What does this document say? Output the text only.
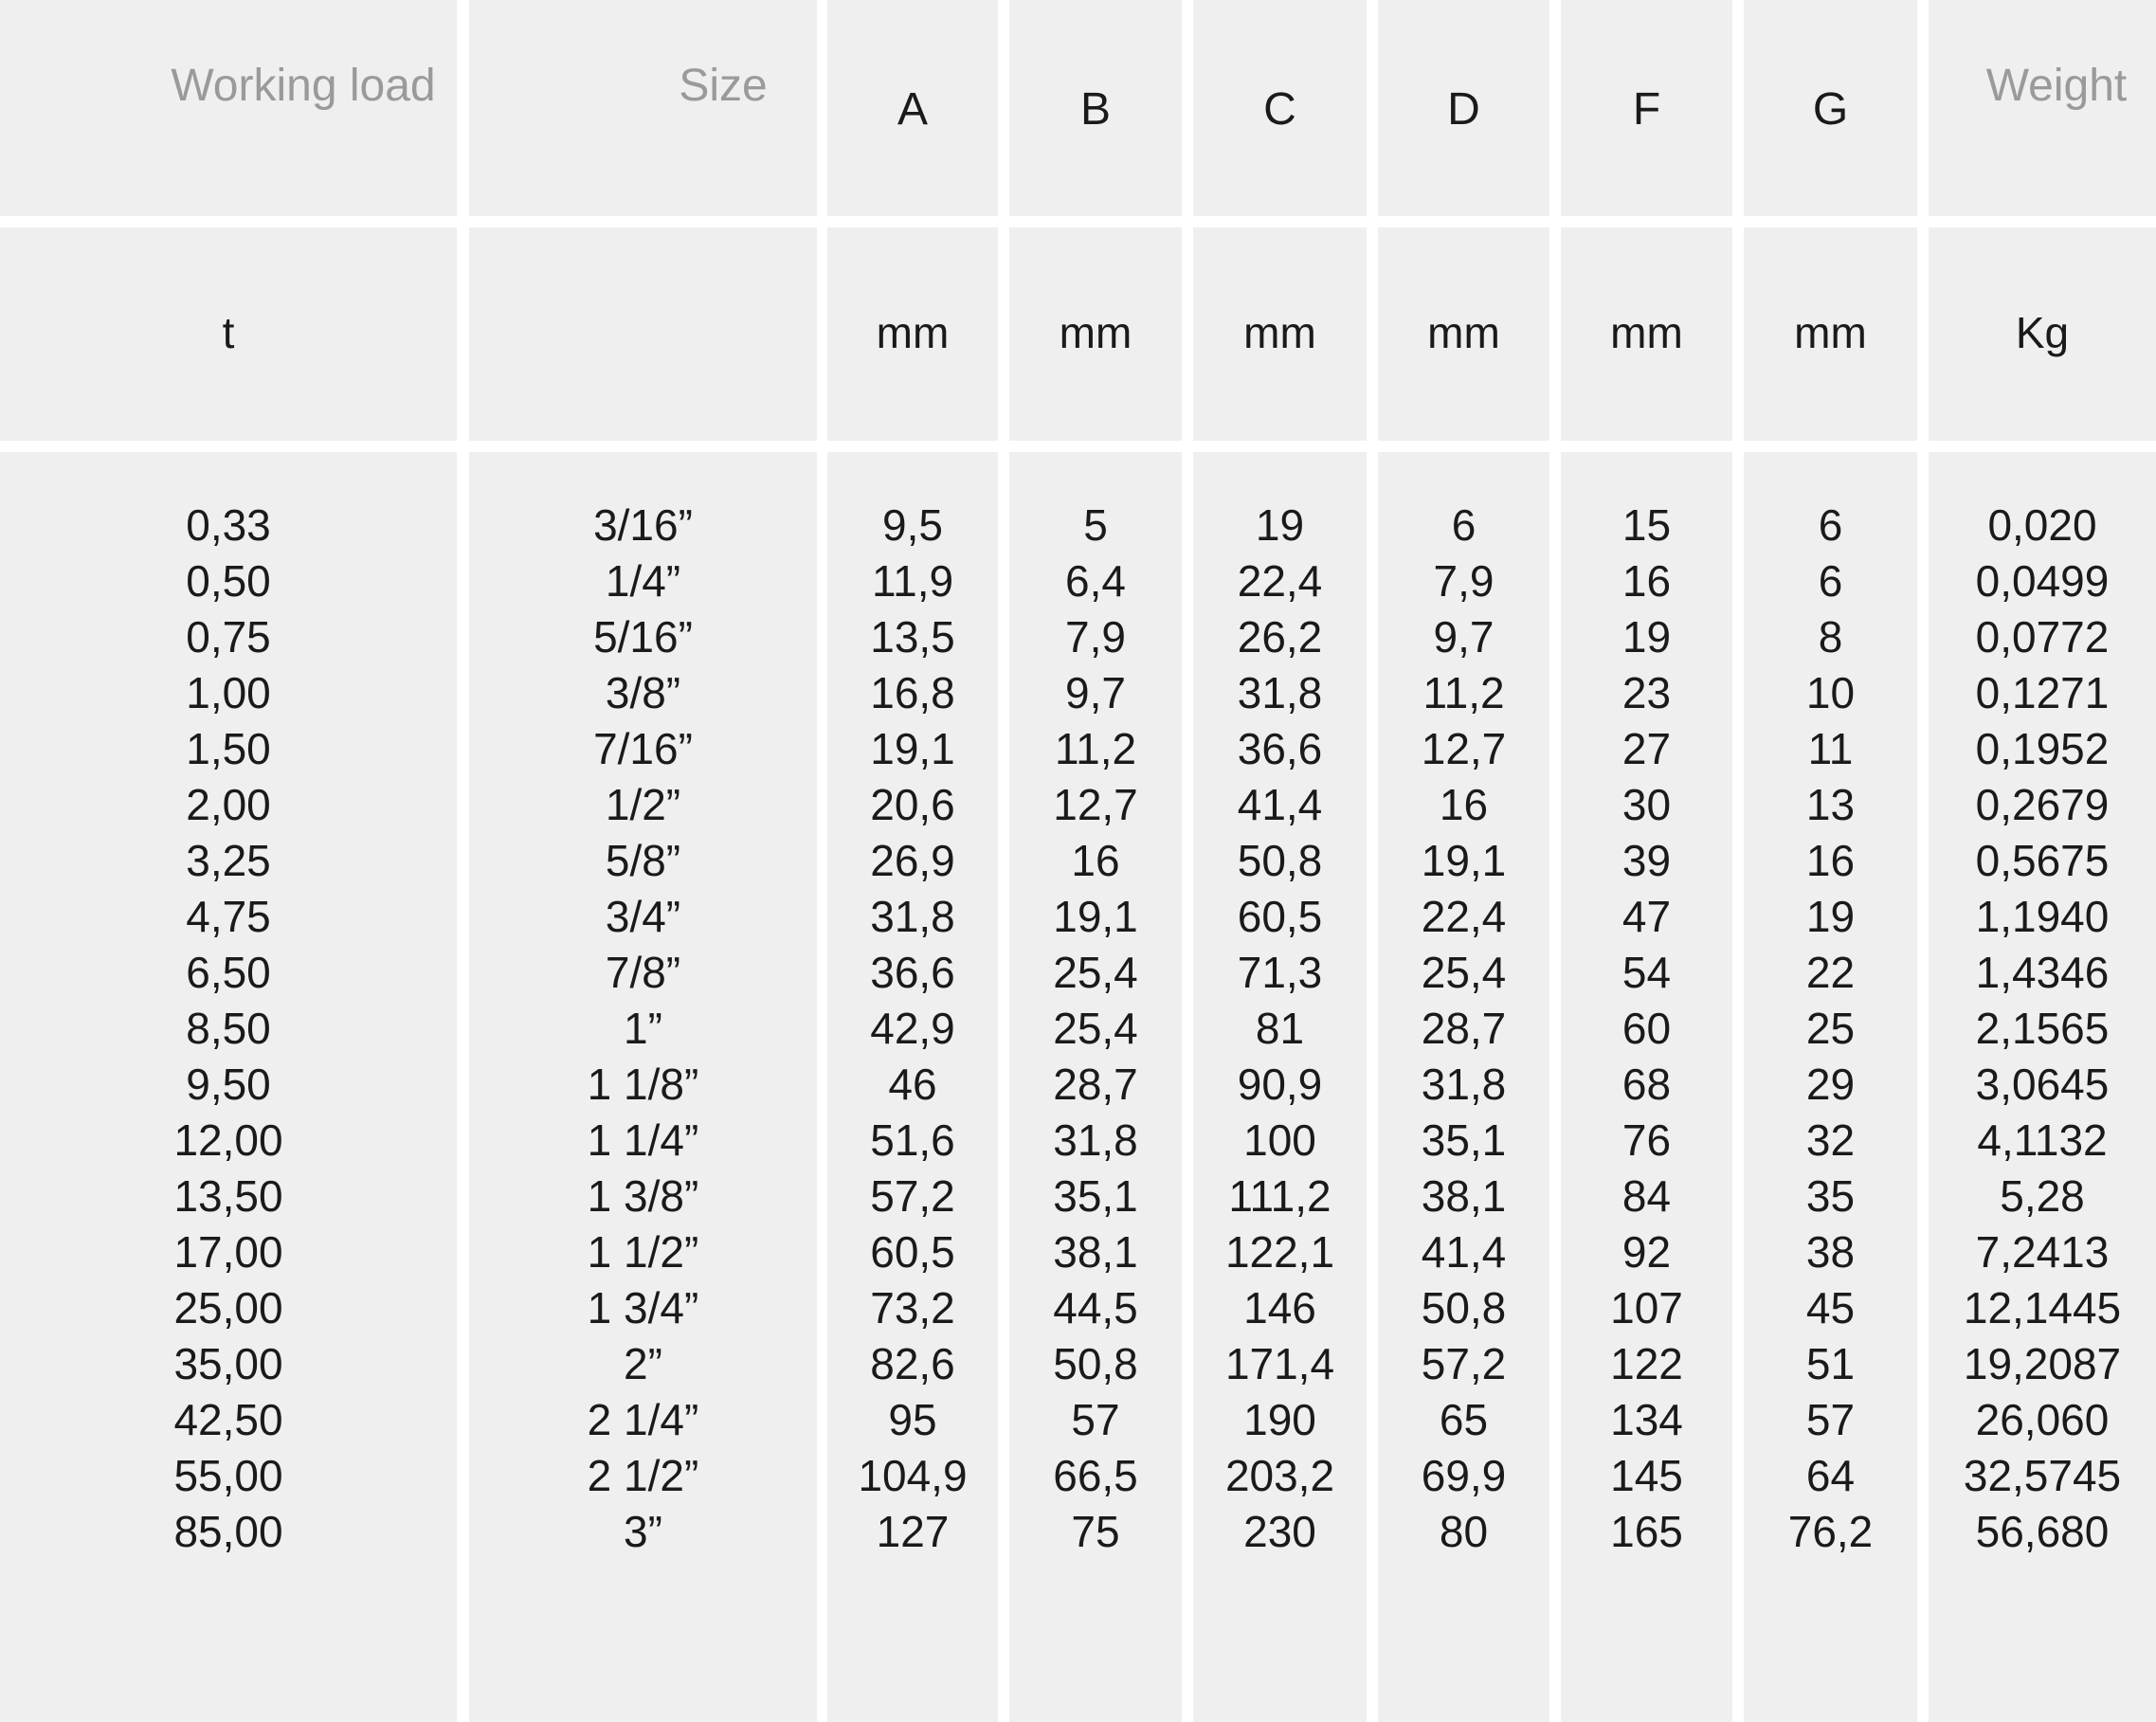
Working load
t
0,33
0,50
0,75
1,00
1,50
2,00
3,25
4,75
6,50
8,50
9,50
12,00
13,50
17,00
25,00
35,00
42,50
55,00
85,00
Size
3/16”
1/4”
5/16”
3/8”
7/16”
1/2”
5/8”
3/4”
7/8”
1”
1 1/8”
1 1/4”
1 3/8”
1 1/2”
1 3/4”
2”
2 1/4”
2 1/2”
3”
A
mm
9,5
11,9
13,5
16,8
19,1
20,6
26,9
31,8
36,6
42,9
46
51,6
57,2
60,5
73,2
82,6
95
104,9
127
B
mm
5
6,4
7,9
9,7
11,2
12,7
16
19,1
25,4
25,4
28,7
31,8
35,1
38,1
44,5
50,8
57
66,5
75
C
mm
19
22,4
26,2
31,8
36,6
41,4
50,8
60,5
71,3
81
90,9
100
111,2
122,1
146
171,4
190
203,2
230
D
mm
6
7,9
9,7
11,2
12,7
16
19,1
22,4
25,4
28,7
31,8
35,1
38,1
41,4
50,8
57,2
65
69,9
80
F
mm
15
16
19
23
27
30
39
47
54
60
68
76
84
92
107
122
134
145
165
G
mm
6
6
8
10
11
13
16
19
22
25
29
32
35
38
45
51
57
64
76,2
Weight
Kg
0,020
0,0499
0,0772
0,1271
0,1952
0,2679
0,5675
1,1940
1,4346
2,1565
3,0645
4,1132
5,28
7,2413
12,1445
19,2087
26,060
32,5745
56,680
